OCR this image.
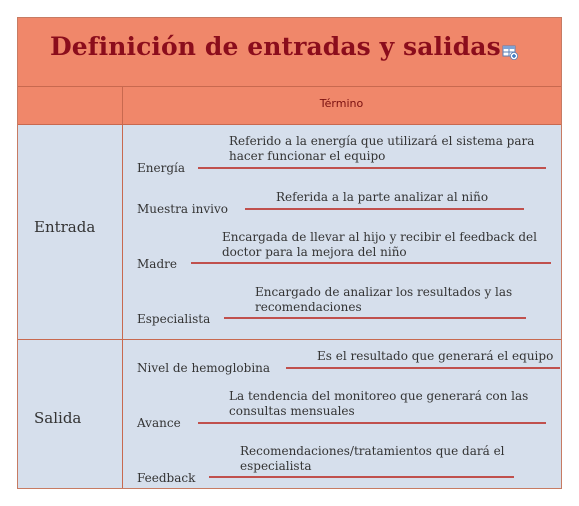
Definición de entradas y salidas
Término
Entrada
Energía
Referido a la energía que utilizará el sistema para hacer funcionar el equipo
Muestra invivo
Referida a la parte analizar al niño
Madre
Encargada de llevar al hijo y recibir el feedback del doctor para la mejora del niño
Especialista
Encargado de analizar los resultados y las recomendaciones
Salida
Nivel de hemoglobina
Es el resultado que generará el equipo
Avance
La tendencia del monitoreo que generará con las consultas mensuales
Feedback
Recomendaciones/tratamientos que dará el especialista
